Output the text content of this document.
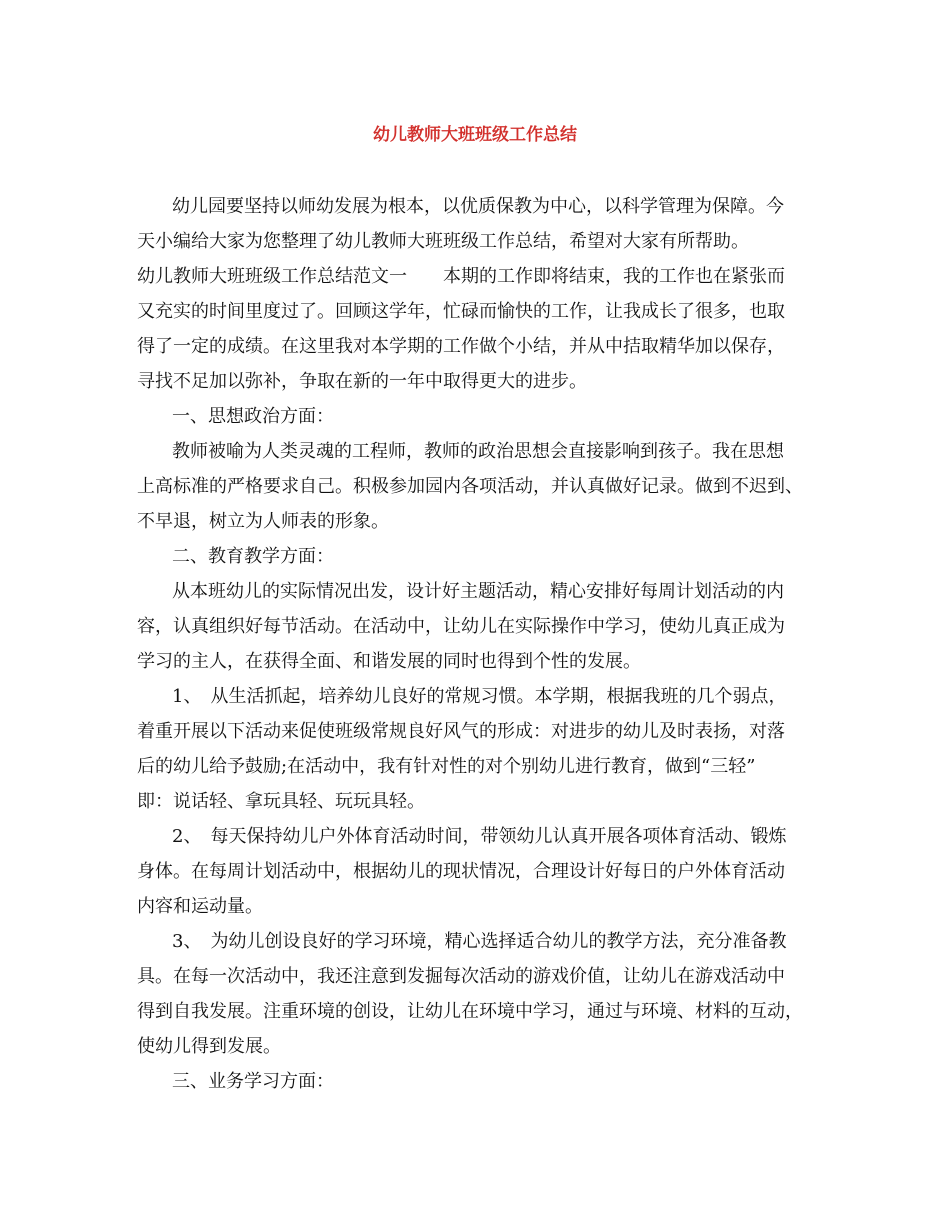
幼儿教师大班班级工作总结

幼儿园要坚持以师幼发展为根本，以优质保教为中心，以科学管理为保障。今

天小编给大家为您整理了幼儿教师大班班级工作总结，希望对大家有所帮助。

幼儿教师大班班级工作总结范文一 本期的工作即将结束，我的工作也在紧张而

又充实的时间里度过了。回顾这学年，忙碌而愉快的工作，让我成长了很多，也取

得了一定的成绩。在这里我对本学期的工作做个小结，并从中拮取精华加以保存，

寻找不足加以弥补，争取在新的一年中取得更大的进步。

一、思想政治方面：

教师被喻为人类灵魂的工程师，教师的政治思想会直接影响到孩子。我在思想

上高标准的严格要求自己。积极参加园内各项活动，并认真做好记录。做到不迟到、

不早退，树立为人师表的形象。

二、教育教学方面：

从本班幼儿的实际情况出发，设计好主题活动，精心安排好每周计划活动的内

容，认真组织好每节活动。在活动中，让幼儿在实际操作中学习，使幼儿真正成为

学习的主人，在获得全面、和谐发展的同时也得到个性的发展。

1、　从生活抓起，培养幼儿良好的常规习惯。本学期，根据我班的几个弱点，

着重开展以下活动来促使班级常规良好风气的形成：对进步的幼儿及时表扬，对落

后的幼儿给予鼓励;在活动中，我有针对性的对个别幼儿进行教育，做到“三轻”

即：说话轻、拿玩具轻、玩玩具轻。

2、　每天保持幼儿户外体育活动时间，带领幼儿认真开展各项体育活动、锻炼

身体。在每周计划活动中，根据幼儿的现状情况，合理设计好每日的户外体育活动

内容和运动量。

3、　为幼儿创设良好的学习环境，精心选择适合幼儿的教学方法，充分准备教

具。在每一次活动中，我还注意到发掘每次活动的游戏价值，让幼儿在游戏活动中

得到自我发展。注重环境的创设，让幼儿在环境中学习，通过与环境、材料的互动，

使幼儿得到发展。

三、业务学习方面：
